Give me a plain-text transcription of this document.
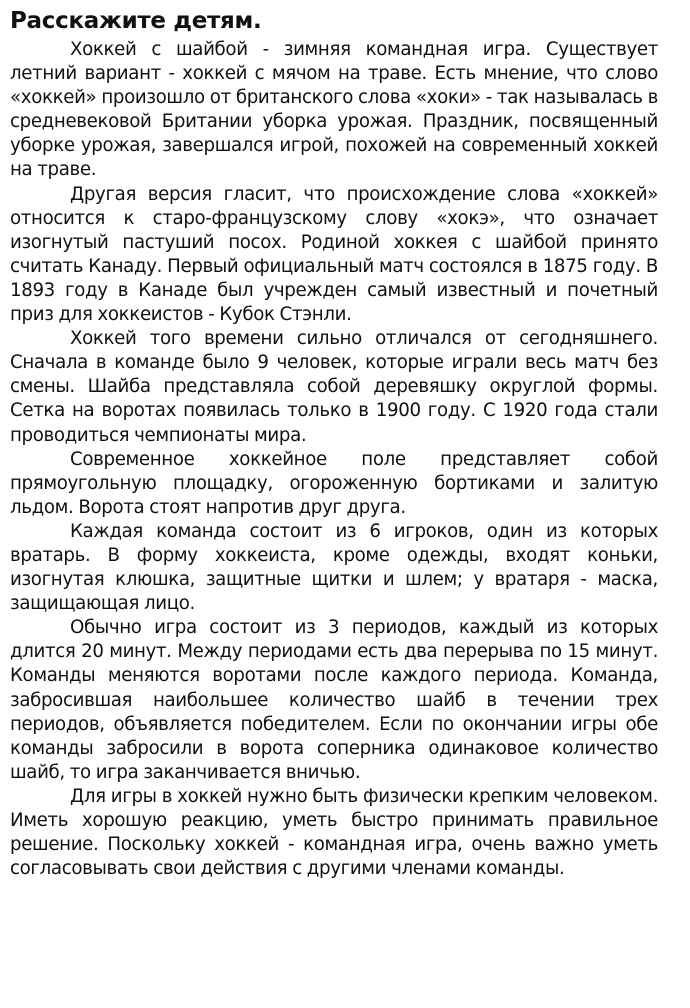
Расскажите детям.

Хоккей с шайбой - зимняя командная игра. Существует летний вариант - хоккей с мячом на траве. Есть мнение, что слово «хоккей» произошло от британского слова «хоки» - так называлась в средневековой Британии уборка урожая. Праздник, посвященный уборке урожая, завершался игрой, похожей на современный хоккей на траве.

Другая версия гласит, что происхождение слова «хоккей» относится к старо-французскому слову «хокэ», что означает изогнутый пастуший посох. Родиной хоккея с шайбой принято считать Канаду. Первый официальный матч состоялся в 1875 году. В 1893 году в Канаде был учрежден самый известный и почетный приз для хоккеистов - Кубок Стэнли.

Хоккей того времени сильно отличался от сегодняшнего. Сначала в команде было 9 человек, которые играли весь матч без смены. Шайба представляла собой деревяшку округлой формы. Сетка на воротах появилась только в 1900 году. С 1920 года стали проводиться чемпионаты мира.

Современное хоккейное поле представляет собой прямоугольную площадку, огороженную бортиками и залитую льдом. Ворота стоят напротив друг друга.

Каждая команда состоит из 6 игроков, один из которых вратарь. В форму хоккеиста, кроме одежды, входят коньки, изогнутая клюшка, защитные щитки и шлем; у вратаря - маска, защищающая лицо.

Обычно игра состоит из 3 периодов, каждый из которых длится 20 минут. Между периодами есть два перерыва по 15 минут. Команды меняются воротами после каждого периода. Команда, забросившая наибольшее количество шайб в течении трех периодов, объявляется победителем. Если по окончании игры обе команды забросили в ворота соперника одинаковое количество шайб, то игра заканчивается вничью.

Для игры в хоккей нужно быть физически крепким человеком. Иметь хорошую реакцию, уметь быстро принимать правильное решение. Поскольку хоккей - командная игра, очень важно уметь согласовывать свои действия с другими членами команды.
